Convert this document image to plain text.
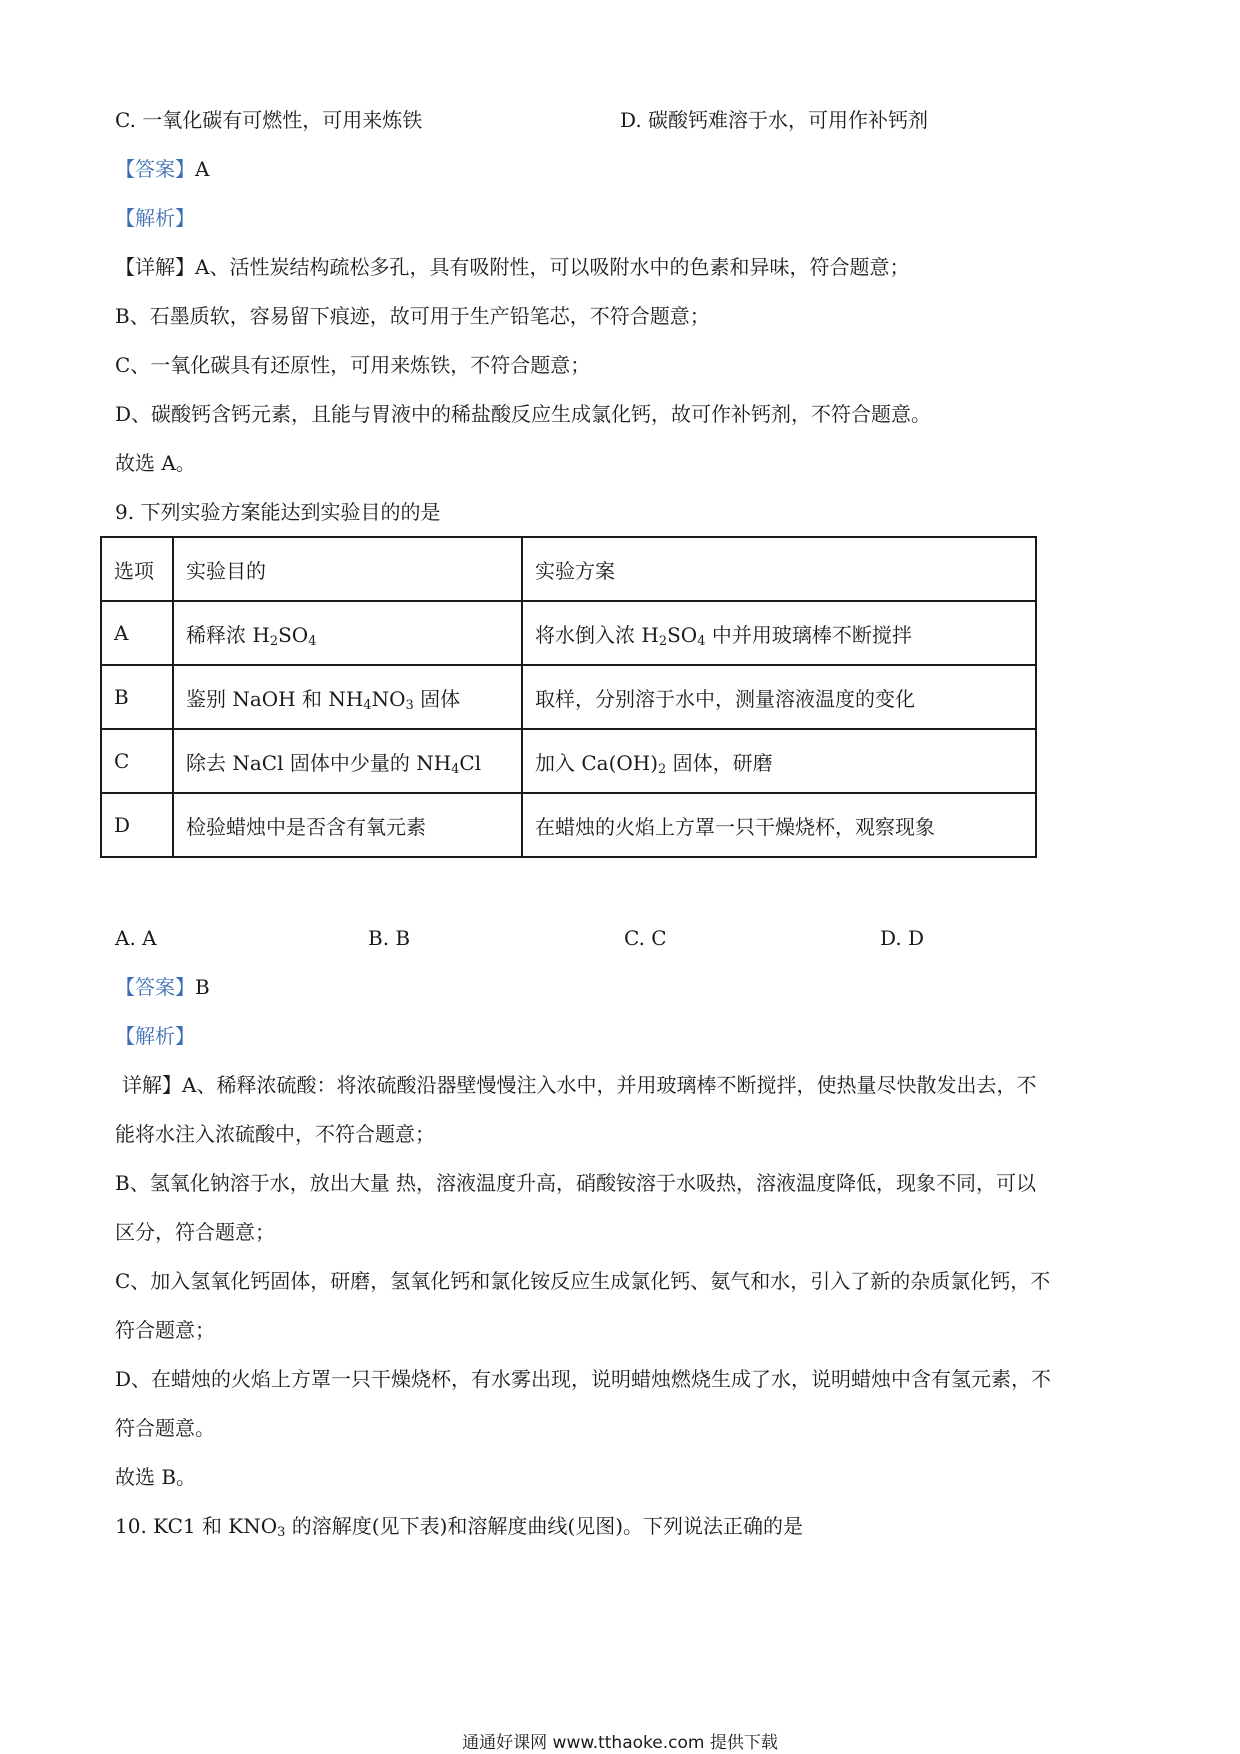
C. 一氧化碳有可燃性，可用来炼铁	D. 碳酸钙难溶于水，可用作补钙剂
【答案】A
【解析】
【详解】A、活性炭结构疏松多孔，具有吸附性，可以吸附水中的色素和异味，符合题意；
B、石墨质软，容易留下痕迹，故可用于生产铅笔芯，不符合题意；
C、一氧化碳具有还原性，可用来炼铁，不符合题意；
D、碳酸钙含钙元素，且能与胃液中的稀盐酸反应生成氯化钙，故可作补钙剂，不符合题意。
故选 A。
9. 下列实验方案能达到实验目的的是
选项	实验目的	实验方案
A	稀释浓 $H_2SO_4$	将水倒入浓 $H_2SO_4$ 中并用玻璃棒不断搅拌
B	鉴别 NaOH 和 $NH_4NO_3$ 固体	取样，分别溶于水中，测量溶液温度的变化
C	除去 NaCl 固体中少量的 $NH_4Cl$	加入 $Ca(OH)_2$ 固体，研磨
D	检验蜡烛中是否含有氧元素	在蜡烛的火焰上方罩一只干燥烧杯，观察现象
A. A	B. B	C. C	D. D
【答案】B
【解析】
详解】A、稀释浓硫酸：将浓硫酸沿器壁慢慢注入水中，并用玻璃棒不断搅拌，使热量尽快散发出去，不
能将水注入浓硫酸中，不符合题意；
B、氢氧化钠溶于水，放出大量 热，溶液温度升高，硝酸铵溶于水吸热，溶液温度降低，现象不同，可以
区分，符合题意；
C、加入氢氧化钙固体，研磨，氢氧化钙和氯化铵反应生成氯化钙、氨气和水，引入了新的杂质氯化钙，不
符合题意；
D、在蜡烛的火焰上方罩一只干燥烧杯，有水雾出现，说明蜡烛燃烧生成了水，说明蜡烛中含有氢元素，不
符合题意。
故选 B。
10. KC1 和 $KNO_3$ 的溶解度(见下表)和溶解度曲线(见图)。下列说法正确的是
通通好课网 www.tthaoke.com 提供下载
